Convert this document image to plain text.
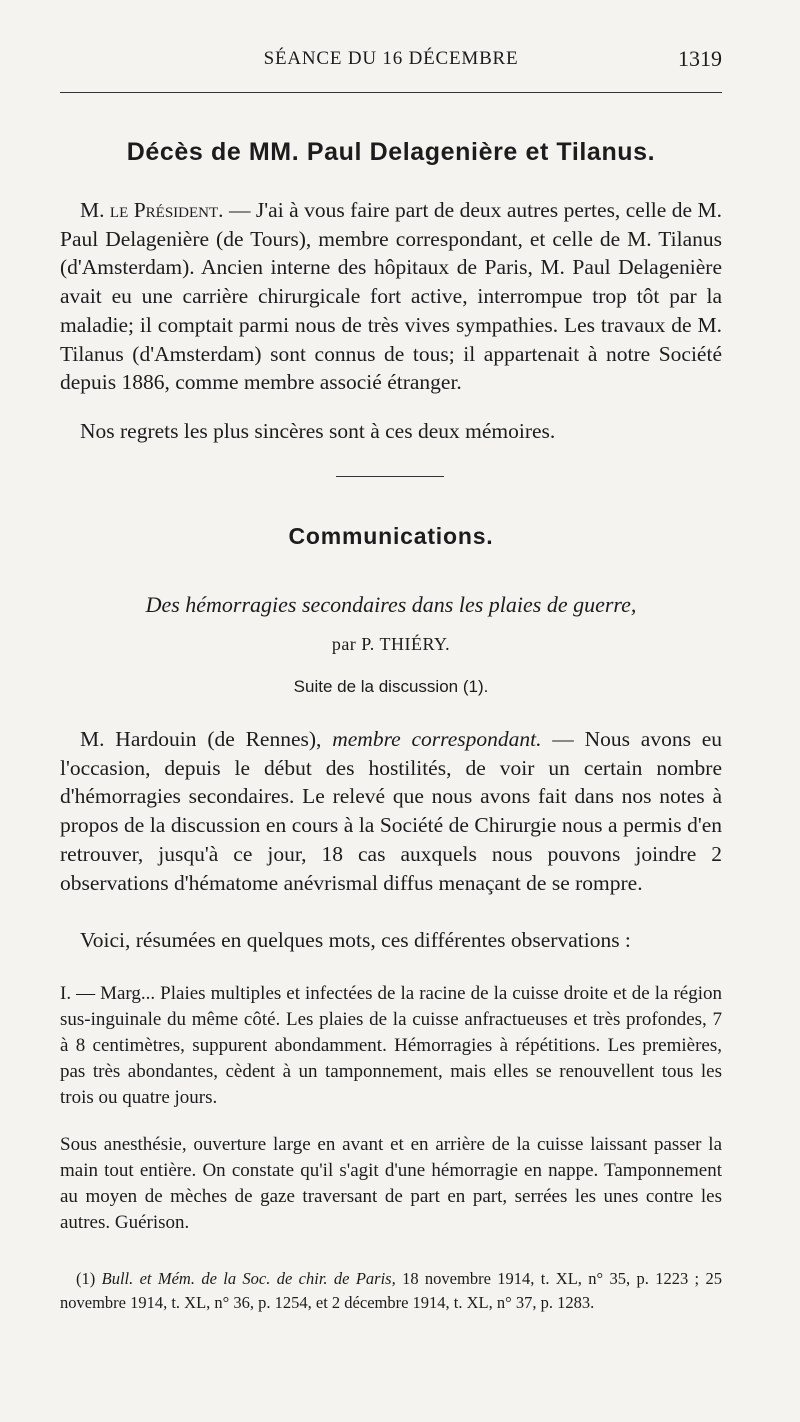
SÉANCE DU 16 DÉCEMBRE	1319
Décès de MM. Paul Delagenière et Tilanus.

M. le Président. — J'ai à vous faire part de deux autres pertes, celle de M. Paul Delagenière (de Tours), membre correspondant, et celle de M. Tilanus (d'Amsterdam). Ancien interne des hôpitaux de Paris, M. Paul Delagenière avait eu une carrière chirurgicale fort active, interrompue trop tôt par la maladie; il comptait parmi nous de très vives sympathies. Les travaux de M. Tilanus (d'Amsterdam) sont connus de tous; il appartenait à notre Société depuis 1886, comme membre associé étranger.

Nos regrets les plus sincères sont à ces deux mémoires.

Communications.
Des hémorragies secondaires dans les plaies de guerre,
par P. THIÉRY.
Suite de la discussion (1).

M. Hardouin (de Rennes), membre correspondant. — Nous avons eu l'occasion, depuis le début des hostilités, de voir un certain nombre d'hémorragies secondaires. Le relevé que nous avons fait dans nos notes à propos de la discussion en cours à la Société de Chirurgie nous a permis d'en retrouver, jusqu'à ce jour, 18 cas auxquels nous pouvons joindre 2 observations d'hématome anévrismal diffus menaçant de se rompre.

Voici, résumées en quelques mots, ces différentes observations :

I. — Marg... Plaies multiples et infectées de la racine de la cuisse droite et de la région sus-inguinale du même côté. Les plaies de la cuisse anfractueuses et très profondes, 7 à 8 centimètres, suppurent abondamment. Hémorragies à répétitions. Les premières, pas très abondantes, cèdent à un tamponnement, mais elles se renouvellent tous les trois ou quatre jours.

Sous anesthésie, ouverture large en avant et en arrière de la cuisse laissant passer la main tout entière. On constate qu'il s'agit d'une hémorragie en nappe. Tamponnement au moyen de mèches de gaze traversant de part en part, serrées les unes contre les autres. Guérison.

(1) Bull. et Mém. de la Soc. de chir. de Paris, 18 novembre 1914, t. XL, n° 35, p. 1223 ; 25 novembre 1914, t. XL, n° 36, p. 1254, et 2 décembre 1914, t. XL, n° 37, p. 1283.
